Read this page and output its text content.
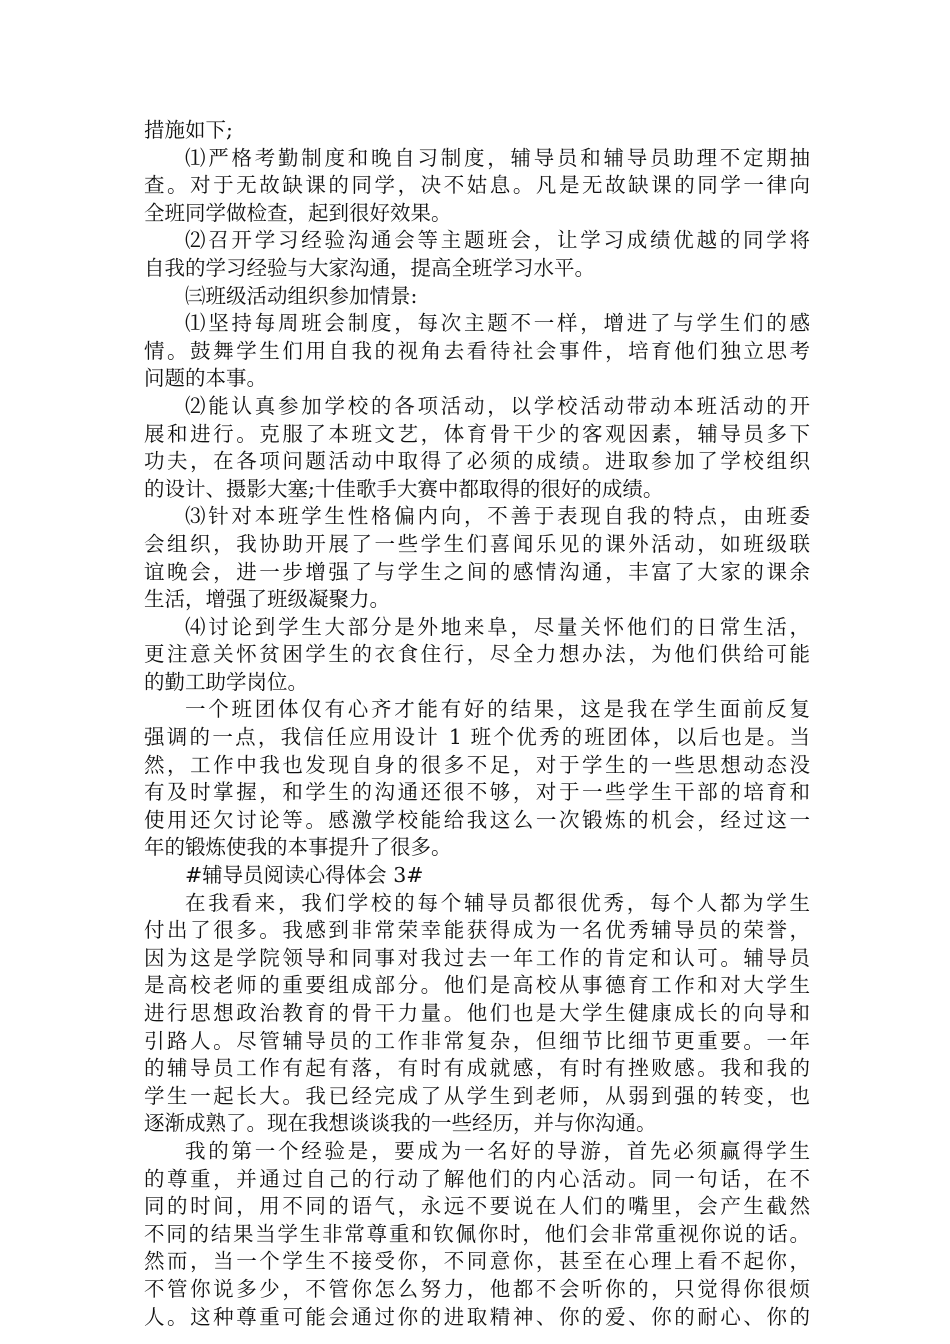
措施如下;
⑴严格考勤制度和晚自习制度，辅导员和辅导员助理不定期抽
查。对于无故缺课的同学，决不姑息。凡是无故缺课的同学一律向
全班同学做检查，起到很好效果。
⑵召开学习经验沟通会等主题班会，让学习成绩优越的同学将
自我的学习经验与大家沟通，提高全班学习水平。
㈢班级活动组织参加情景:
⑴坚持每周班会制度，每次主题不一样，增进了与学生们的感
情。鼓舞学生们用自我的视角去看待社会事件，培育他们独立思考
问题的本事。
⑵能认真参加学校的各项活动，以学校活动带动本班活动的开
展和进行。克服了本班文艺，体育骨干少的客观因素，辅导员多下
功夫，在各项问题活动中取得了必须的成绩。进取参加了学校组织
的设计、摄影大塞;十佳歌手大赛中都取得的很好的成绩。
⑶针对本班学生性格偏内向，不善于表现自我的特点，由班委
会组织，我协助开展了一些学生们喜闻乐见的课外活动，如班级联
谊晚会，进一步增强了与学生之间的感情沟通，丰富了大家的课余
生活，增强了班级凝聚力。
⑷讨论到学生大部分是外地来阜，尽量关怀他们的日常生活，
更注意关怀贫困学生的衣食住行，尽全力想办法，为他们供给可能
的勤工助学岗位。
一个班团体仅有心齐才能有好的结果，这是我在学生面前反复
强调的一点，我信任应用设计 1 班个优秀的班团体，以后也是。当
然，工作中我也发现自身的很多不足，对于学生的一些思想动态没
有及时掌握，和学生的沟通还很不够，对于一些学生干部的培育和
使用还欠讨论等。感激学校能给我这么一次锻炼的机会，经过这一
年的锻炼使我的本事提升了很多。
#辅导员阅读心得体会 3#
在我看来，我们学校的每个辅导员都很优秀，每个人都为学生
付出了很多。我感到非常荣幸能获得成为一名优秀辅导员的荣誉，
因为这是学院领导和同事对我过去一年工作的肯定和认可。辅导员
是高校老师的重要组成部分。他们是高校从事德育工作和对大学生
进行思想政治教育的骨干力量。他们也是大学生健康成长的向导和
引路人。尽管辅导员的工作非常复杂，但细节比细节更重要。一年
的辅导员工作有起有落，有时有成就感，有时有挫败感。我和我的
学生一起长大。我已经完成了从学生到老师，从弱到强的转变，也
逐渐成熟了。现在我想谈谈我的一些经历，并与你沟通。
我的第一个经验是，要成为一名好的导游，首先必须赢得学生
的尊重，并通过自己的行动了解他们的内心活动。同一句话，在不
同的时间，用不同的语气，永远不要说在人们的嘴里，会产生截然
不同的结果当学生非常尊重和钦佩你时，他们会非常重视你说的话。
然而，当一个学生不接受你，不同意你，甚至在心理上看不起你，
不管你说多少，不管你怎么努力，他都不会听你的，只觉得你很烦
人。这种尊重可能会通过你的进取精神、你的爱、你的耐心、你的
